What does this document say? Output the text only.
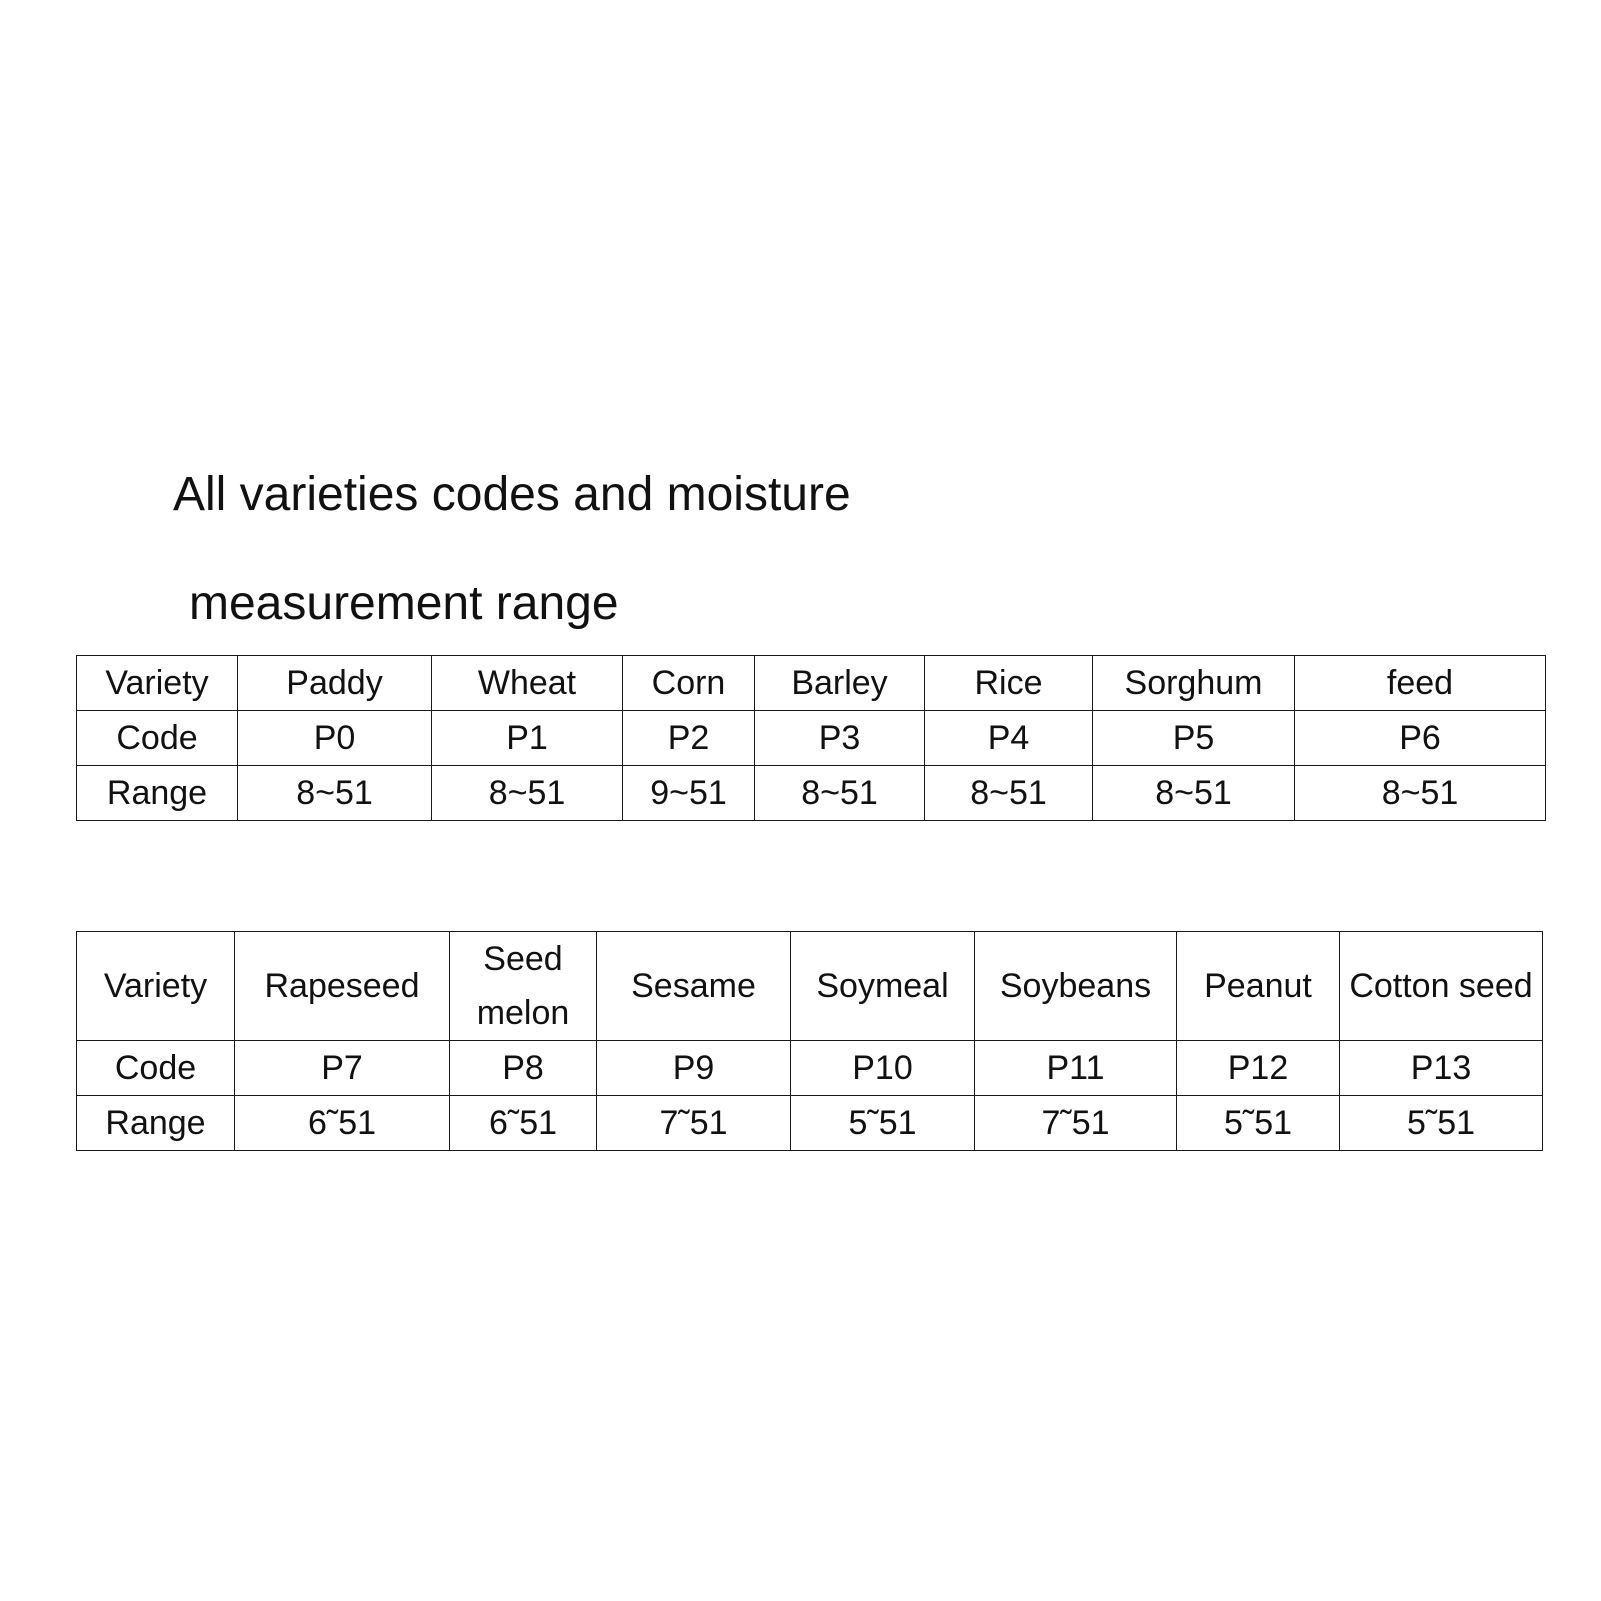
All varieties codes and moisture
measurement range
Variety	Paddy	Wheat	Corn	Barley	Rice	Sorghum	feed
Code	P0	P1	P2	P3	P4	P5	P6
Range	8~51	8~51	9~51	8~51	8~51	8~51	8~51
Variety	Rapeseed	Seed melon	Sesame	Soymeal	Soybeans	Peanut	Cotton seed
Code	P7	P8	P9	P10	P11	P12	P13
Range	6˜51	6˜51	7˜51	5˜51	7˜51	5˜51	5˜51
